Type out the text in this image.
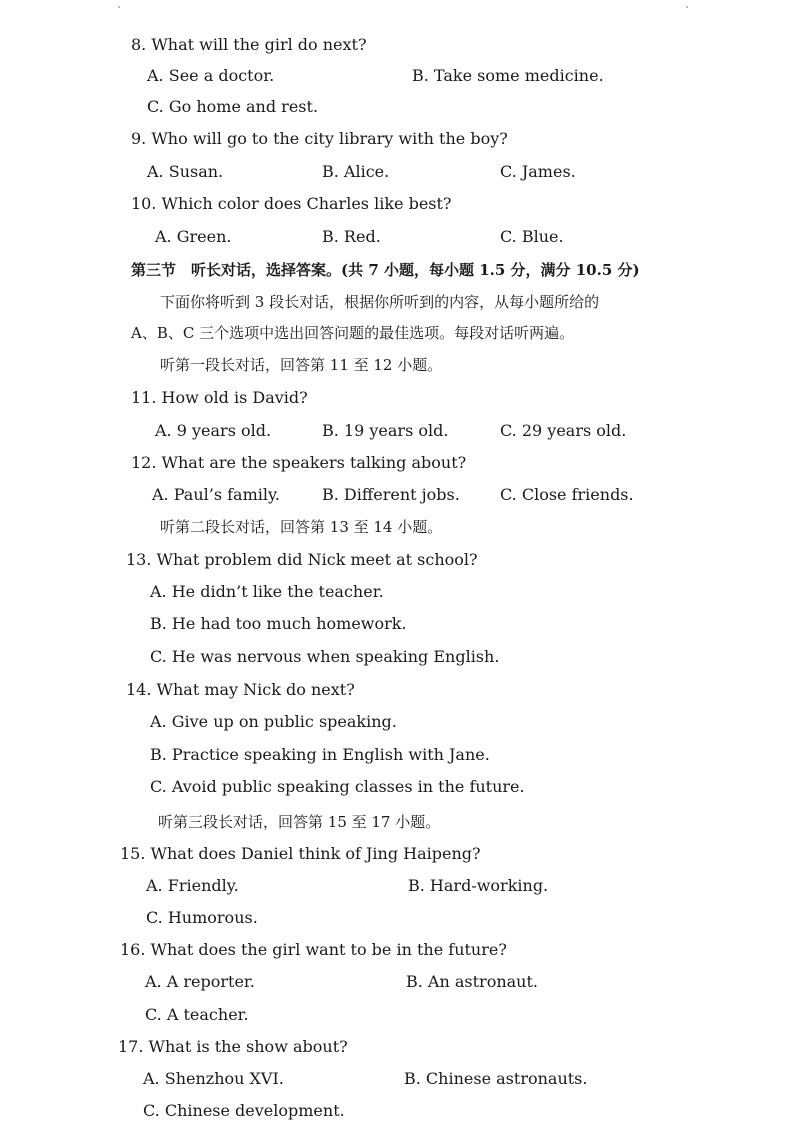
8. What will the girl do next?
A. See a doctor.	B. Take some medicine.
C. Go home and rest.
9. Who will go to the city library with the boy?
A. Susan.	B. Alice.	C. James.
10. Which color does Charles like best?
A. Green.	B. Red.	C. Blue.
第三节　听长对话，选择答案。(共 7 小题，每小题 1.5 分，满分 10.5 分)
下面你将听到 3 段长对话，根据你所听到的内容，从每小题所给的
A、B、C 三个选项中选出回答问题的最佳选项。每段对话听两遍。
听第一段长对话，回答第 11 至 12 小题。
11. How old is David?
A. 9 years old.	B. 19 years old.	C. 29 years old.
12. What are the speakers talking about?
A. Paul’s family.	B. Different jobs.	C. Close friends.
听第二段长对话，回答第 13 至 14 小题。
13. What problem did Nick meet at school?
A. He didn’t like the teacher.
B. He had too much homework.
C. He was nervous when speaking English.
14. What may Nick do next?
A. Give up on public speaking.
B. Practice speaking in English with Jane.
C. Avoid public speaking classes in the future.
听第三段长对话，回答第 15 至 17 小题。
15. What does Daniel think of Jing Haipeng?
A. Friendly.	B. Hard-working.
C. Humorous.
16. What does the girl want to be in the future?
A. A reporter.	B. An astronaut.
C. A teacher.
17. What is the show about?
A. Shenzhou XVI.	B. Chinese astronauts.
C. Chinese development.
